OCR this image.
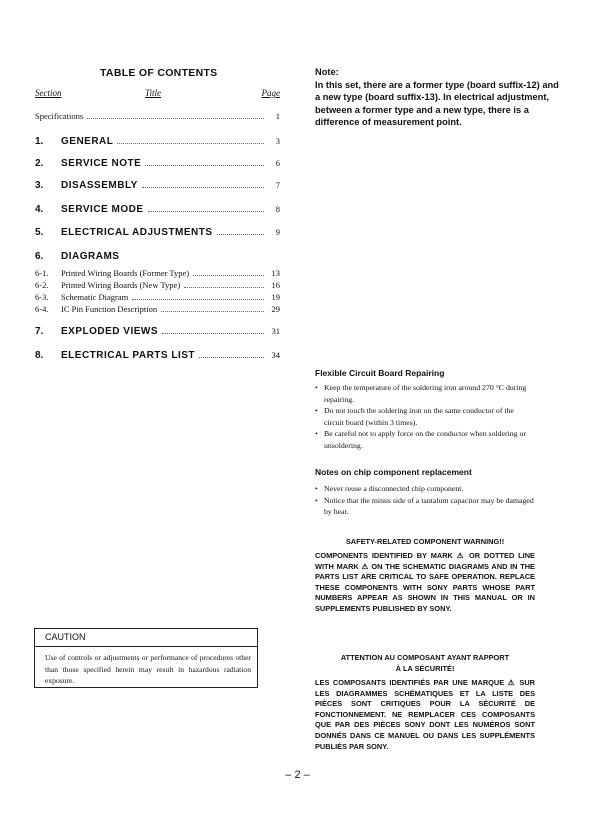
TABLE OF CONTENTS
Section	Title	Page
Specifications	1
1.	GENERAL	3
2.	SERVICE NOTE	6
3.	DISASSEMBLY	7
4.	SERVICE MODE	8
5.	ELECTRICAL ADJUSTMENTS	9
6. DIAGRAMS
6-1.	Printed Wiring Boards (Former Type)	13
6-2.	Printed Wiring Boards (New Type)	16
6-3.	Schematic Diagram	19
6-4.	IC Pin Function Description	29
7.	EXPLODED VIEWS	31
8.	ELECTRICAL PARTS LIST	34
CAUTION
Use of controls or adjustments or performance of procedures other than those specified herein may result in hazardous radiation exposure.
Note:
In this set, there are a former type (board suffix-12) and a new type (board suffix-13). In electrical adjustment, between a former type and a new type, there is a difference of measurement point.
Flexible Circuit Board Repairing
• Keep the temperature of the soldering iron around 270 °C during repairing.
• Do not touch the soldering iron on the same conductor of the circuit board (within 3 times).
• Be careful not to apply force on the conductor when soldering or unsoldering.
Notes on chip component replacement
• Never reuse a disconnected chip component.
• Notice that the minus side of a tantalum capacitor may be damaged by heat.
SAFETY-RELATED COMPONENT WARNING!!
COMPONENTS IDENTIFIED BY MARK ⚠ OR DOTTED LINE WITH MARK ⚠ ON THE SCHEMATIC DIAGRAMS AND IN THE PARTS LIST ARE CRITICAL TO SAFE OPERATION. REPLACE THESE COMPONENTS WITH SONY PARTS WHOSE PART NUMBERS APPEAR AS SHOWN IN THIS MANUAL OR IN SUPPLEMENTS PUBLISHED BY SONY.
ATTENTION AU COMPOSANT AYANT RAPPORT
À LA SÉCURITÉ!
LES COMPOSANTS IDENTIFIÉS PAR UNE MARQUE ⚠ SUR LES DIAGRAMMES SCHÉMATIQUES ET LA LISTE DES PIÈCES SONT CRITIQUES POUR LA SÉCURITÉ DE FONCTIONNEMENT. NE REMPLACER CES COMPOSANTS QUE PAR DES PIÈCES SONY DONT LES NUMÉROS SONT DONNÉS DANS CE MANUEL OU DANS LES SUPPLÉMENTS PUBLIÉS PAR SONY.
– 2 –
